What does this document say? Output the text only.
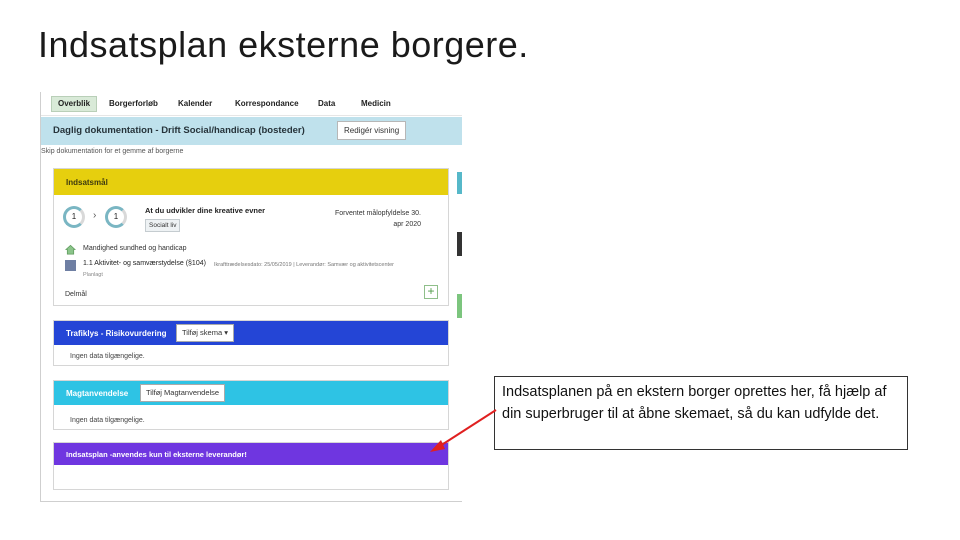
Indsatsplan eksterne borgere.
Overblik	Borgerforløb	Kalender	Korrespondance	Data	Medicin
Daglig dokumentation - Drift Social/handicap (bosteder)	Redigér visning
Skip dokumentation for et gemme af borgerne
Indsatsmål
1	›	1
At du udvikler dine kreative evner
Socialt liv
Forventet målopfyldelse 30. apr 2020
Mandighed sundhed og handicap
1.1 Aktivitet- og samværstydelse (§104) Ikrafttrædelsesdato: 25/05/2019 | Leverandør: Samvær og aktivitetscenter
Planlagt
Delmål	+
Trafiklys - Risikovurdering	Tilføj skema ▾
Ingen data tilgængelige.
Magtanvendelse	Tilføj Magtanvendelse
Ingen data tilgængelige.
Indsatsplan -anvendes kun til eksterne leverandør!
Indsatsplanen på en ekstern borger oprettes her, få hjælp af din superbruger til at åbne skemaet, så du kan udfylde det.
